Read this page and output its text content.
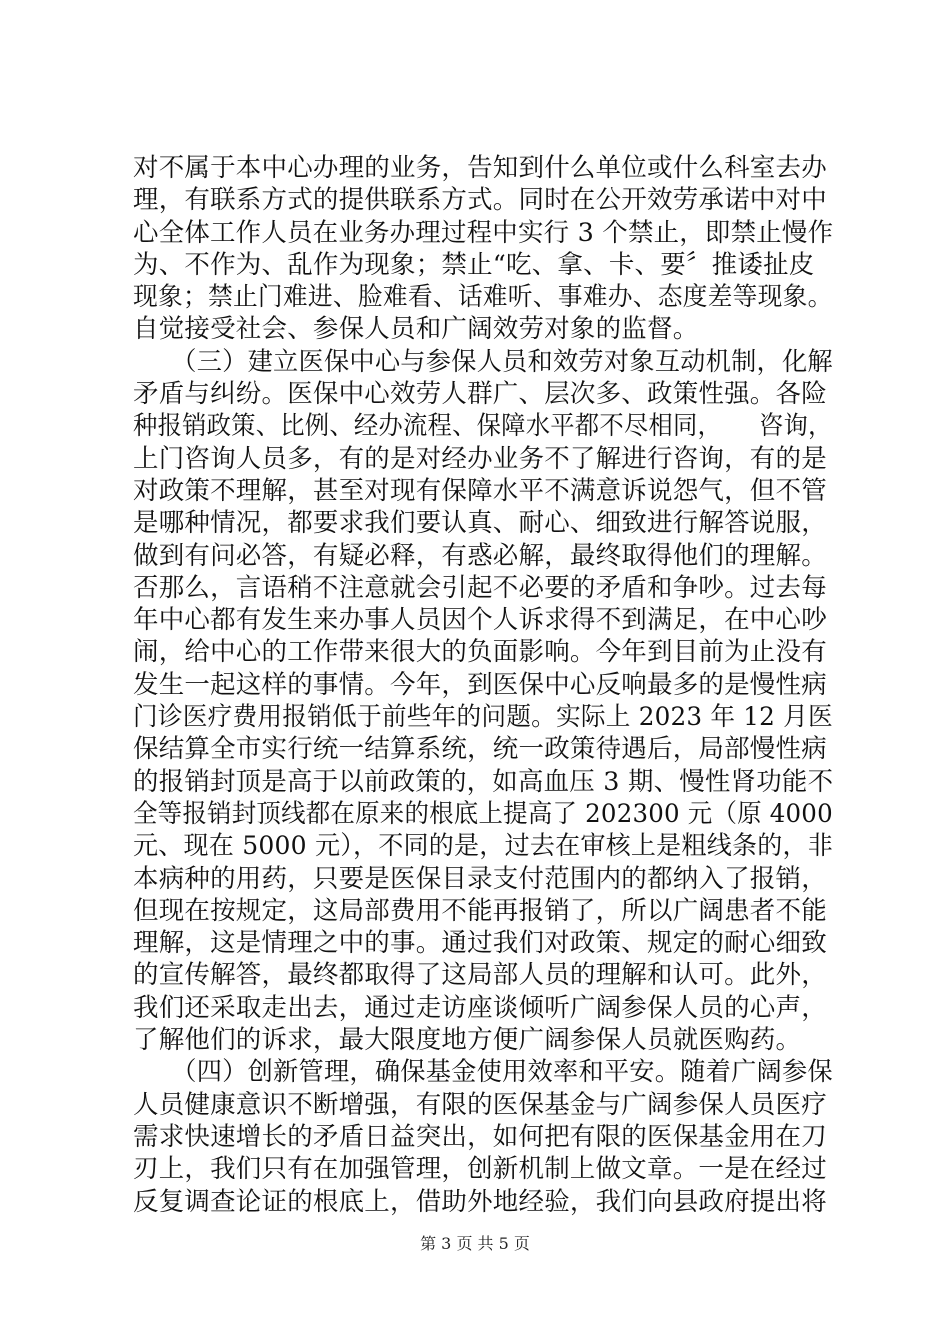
对不属于本中心办理的业务，告知到什么单位或什么科室去办
理，有联系方式的提供联系方式。同时在公开效劳承诺中对中
心全体工作人员在业务办理过程中实行 3 个禁止，即禁止慢作
为、不作为、乱作为现象；禁止“吃、拿、卡、要〞推诿扯皮
现象；禁止门难进、脸难看、话难听、事难办、态度差等现象。
自觉接受社会、参保人员和广阔效劳对象的监督。
　　（三）建立医保中心与参保人员和效劳对象互动机制，化解
矛盾与纠纷。医保中心效劳人群广、层次多、政策性强。各险
种报销政策、比例、经办流程、保障水平都不尽相同，　　咨询，
上门咨询人员多，有的是对经办业务不了解进行咨询，有的是
对政策不理解，甚至对现有保障水平不满意诉说怨气，但不管
是哪种情况，都要求我们要认真、耐心、细致进行解答说服，
做到有问必答，有疑必释，有惑必解，最终取得他们的理解。
否那么，言语稍不注意就会引起不必要的矛盾和争吵。过去每
年中心都有发生来办事人员因个人诉求得不到满足，在中心吵
闹，给中心的工作带来很大的负面影响。今年到目前为止没有
发生一起这样的事情。今年，到医保中心反响最多的是慢性病
门诊医疗费用报销低于前些年的问题。实际上 2023 年 12 月医
保结算全市实行统一结算系统，统一政策待遇后，局部慢性病
的报销封顶是高于以前政策的，如高血压 3 期、慢性肾功能不
全等报销封顶线都在原来的根底上提高了 202300 元（原 4000
元、现在 5000 元），不同的是，过去在审核上是粗线条的，非
本病种的用药，只要是医保目录支付范围内的都纳入了报销，
但现在按规定，这局部费用不能再报销了，所以广阔患者不能
理解，这是情理之中的事。通过我们对政策、规定的耐心细致
的宣传解答，最终都取得了这局部人员的理解和认可。此外，
我们还采取走出去，通过走访座谈倾听广阔参保人员的心声，
了解他们的诉求，最大限度地方便广阔参保人员就医购药。
　　（四）创新管理，确保基金使用效率和平安。随着广阔参保
人员健康意识不断增强，有限的医保基金与广阔参保人员医疗
需求快速增长的矛盾日益突出，如何把有限的医保基金用在刀
刃上，我们只有在加强管理，创新机制上做文章。一是在经过
反复调查论证的根底上，借助外地经验，我们向县政府提出将
第 3 页 共 5 页
